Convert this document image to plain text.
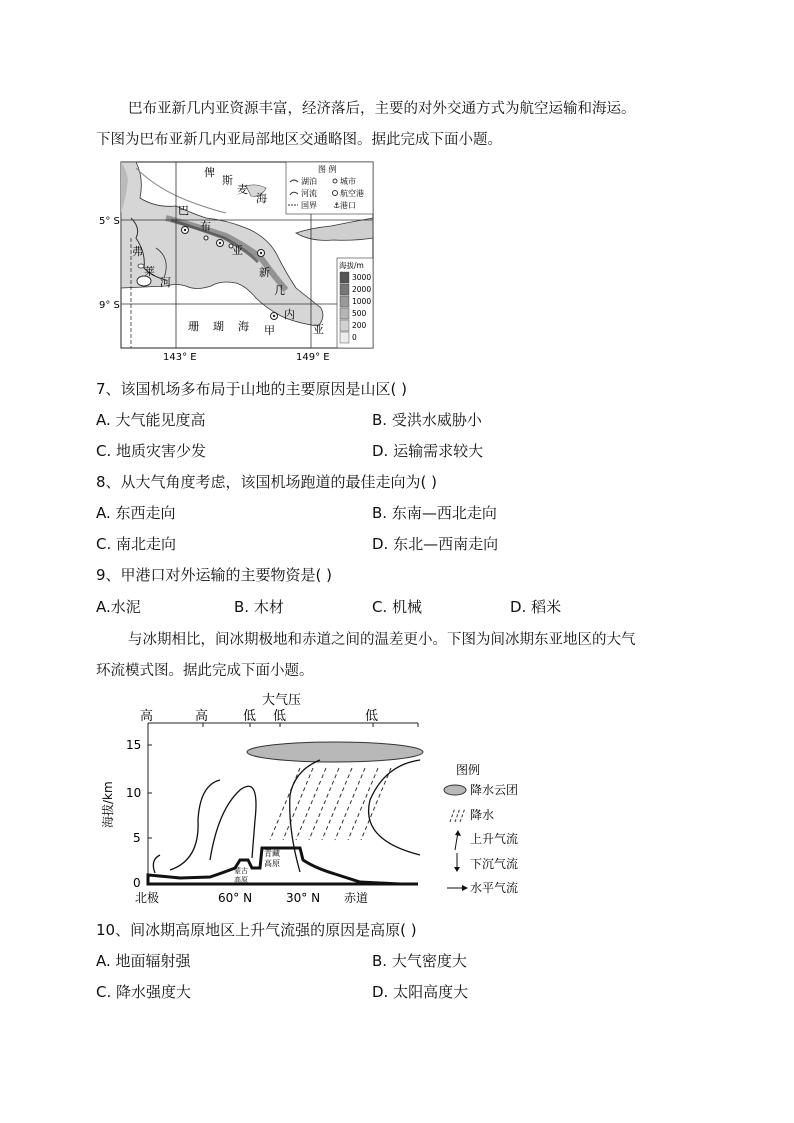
巴布亚新几内亚资源丰富，经济落后，主要的对外交通方式为航空运输和海运。
下图为巴布亚新几内亚局部地区交通略图。据此完成下面小题。
图 例
湖泊	城市
河流	航空港
国界	港口
⚓
海拔/m
3000
2000
1000
500
200
0
俾
斯
麦
海
巴
布
亚
新
几
内
亚
弗
莱
河
珊 瑚 海 甲
5° S
9° S
143° E	149° E
7、该国机场多布局于山地的主要原因是山区( )
A. 大气能见度高	B. 受洪水威胁小
C. 地质灾害少发	D. 运输需求较大
8、从大气角度考虑，该国机场跑道的最佳走向为( )
A. 东西走向	B. 东南—西北走向
C. 南北走向	D. 东北—西南走向
9、甲港口对外运输的主要物资是( )
A.水泥	B. 木材	C. 机械	D. 稻米
与冰期相比，间冰期极地和赤道之间的温差更小。下图为间冰期东亚地区的大气
环流模式图。据此完成下面小题。
大气压
高	高	低 低	低
15
10
5
0
海拔/km
青藏
高原
蒙古
高原
北极	60° N	30° N 赤道
图例
降水云团
降水
上升气流
下沉气流
水平气流
10、间冰期高原地区上升气流强的原因是高原( )
A. 地面辐射强	B. 大气密度大
C. 降水强度大	D. 太阳高度大
